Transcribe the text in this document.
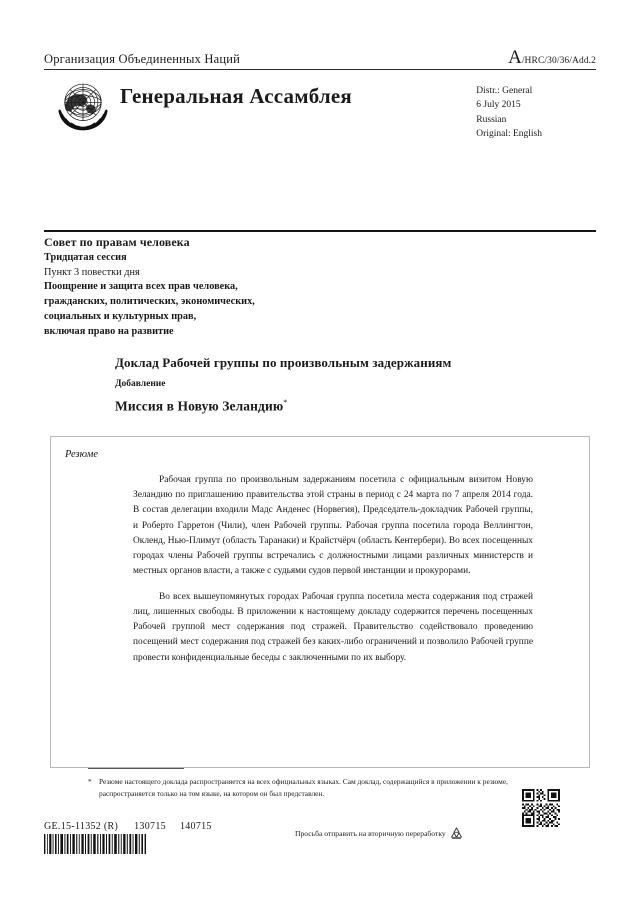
Организация Объединенных Наций	A /HRC/30/36/Add.2
Генеральная Ассамблея	Distr.: General
6 July 2015
Russian
Original: English
Совет по правам человека
Тридцатая сессия
Пункт 3 повестки дня
Поощрение и защита всех прав человека,
гражданских, политических, экономических,
социальных и культурных прав,
включая право на развитие
Доклад Рабочей группы по произвольным задержаниям
Добавление
Миссия в Новую Зеландию*
Резюме

Рабочая группа по произвольным задержаниям посетила с официальным визитом Новую Зеландию по приглашению правительства этой страны в период с 24 марта по 7 апреля 2014 года. В состав делегации входили Мадс Анденес (Норвегия), Председатель-докладчик Рабочей группы, и Роберто Гарретон (Чили), член Рабочей группы. Рабочая группа посетила города Веллингтон, Окленд, Нью-Плимут (область Таранаки) и Крайстчёрч (область Кентербери). Во всех посещенных городах члены Рабочей группы встречались с должностными лицами различных министерств и местных органов власти, а также с судьями судов первой инстанции и прокурорами.

Во всех вышеупомянутых городах Рабочая группа посетила места содержания под стражей лиц, лишенных свободы. В приложении к настоящему докладу содержится перечень посещенных Рабочей группой мест содержания под стражей. Правительство содействовало проведению посещений мест содержания под стражей без каких-либо ограничений и позволило Рабочей группе провести конфиденциальные беседы с заключенными по их выбору.

* Резюме настоящего доклада распространяется на всех официальных языках. Сам доклад, содержащийся в приложении к резюме, распространяется только на том языке, на котором он был представлен.
GE.15-11352 (R) 130715 140715
Просьба отправить на вторичную переработку
